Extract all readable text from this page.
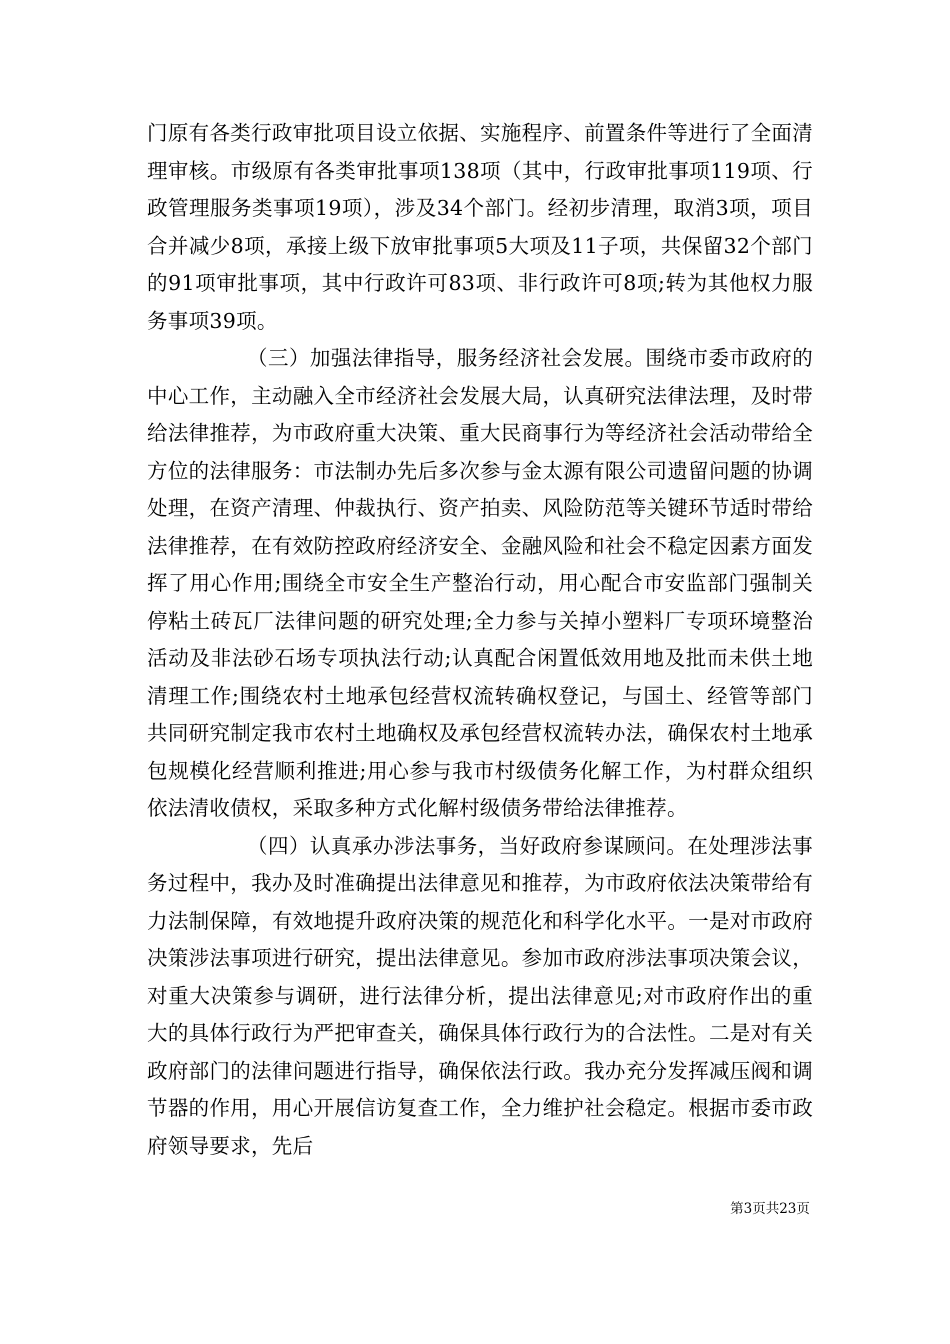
门原有各类行政审批项目设立依据、实施程序、前置条件等进行了全面清理审核。市级原有各类审批事项138项（其中，行政审批事项119项、行政管理服务类事项19项），涉及34个部门。经初步清理，取消3项，项目合并减少8项，承接上级下放审批事项5大项及11子项，共保留32个部门的91项审批事项，其中行政许可83项、非行政许可8项;转为其他权力服务事项39项。

（三）加强法律指导，服务经济社会发展。围绕市委市政府的中心工作，主动融入全市经济社会发展大局，认真研究法律法理，及时带给法律推荐，为市政府重大决策、重大民商事行为等经济社会活动带给全方位的法律服务：市法制办先后多次参与金太源有限公司遗留问题的协调处理，在资产清理、仲裁执行、资产拍卖、风险防范等关键环节适时带给法律推荐，在有效防控政府经济安全、金融风险和社会不稳定因素方面发挥了用心作用;围绕全市安全生产整治行动，用心配合市安监部门强制关停粘土砖瓦厂法律问题的研究处理;全力参与关掉小塑料厂专项环境整治活动及非法砂石场专项执法行动;认真配合闲置低效用地及批而未供土地清理工作;围绕农村土地承包经营权流转确权登记，与国土、经管等部门共同研究制定我市农村土地确权及承包经营权流转办法，确保农村土地承包规模化经营顺利推进;用心参与我市村级债务化解工作，为村群众组织依法清收债权，采取多种方式化解村级债务带给法律推荐。

（四）认真承办涉法事务，当好政府参谋顾问。在处理涉法事务过程中，我办及时准确提出法律意见和推荐，为市政府依法决策带给有力法制保障，有效地提升政府决策的规范化和科学化水平。一是对市政府决策涉法事项进行研究，提出法律意见。参加市政府涉法事项决策会议，对重大决策参与调研，进行法律分析，提出法律意见;对市政府作出的重大的具体行政行为严把审查关，确保具体行政行为的合法性。二是对有关政府部门的法律问题进行指导，确保依法行政。我办充分发挥减压阀和调节器的作用，用心开展信访复查工作，全力维护社会稳定。根据市委市政府领导要求，先后

第3页共23页
